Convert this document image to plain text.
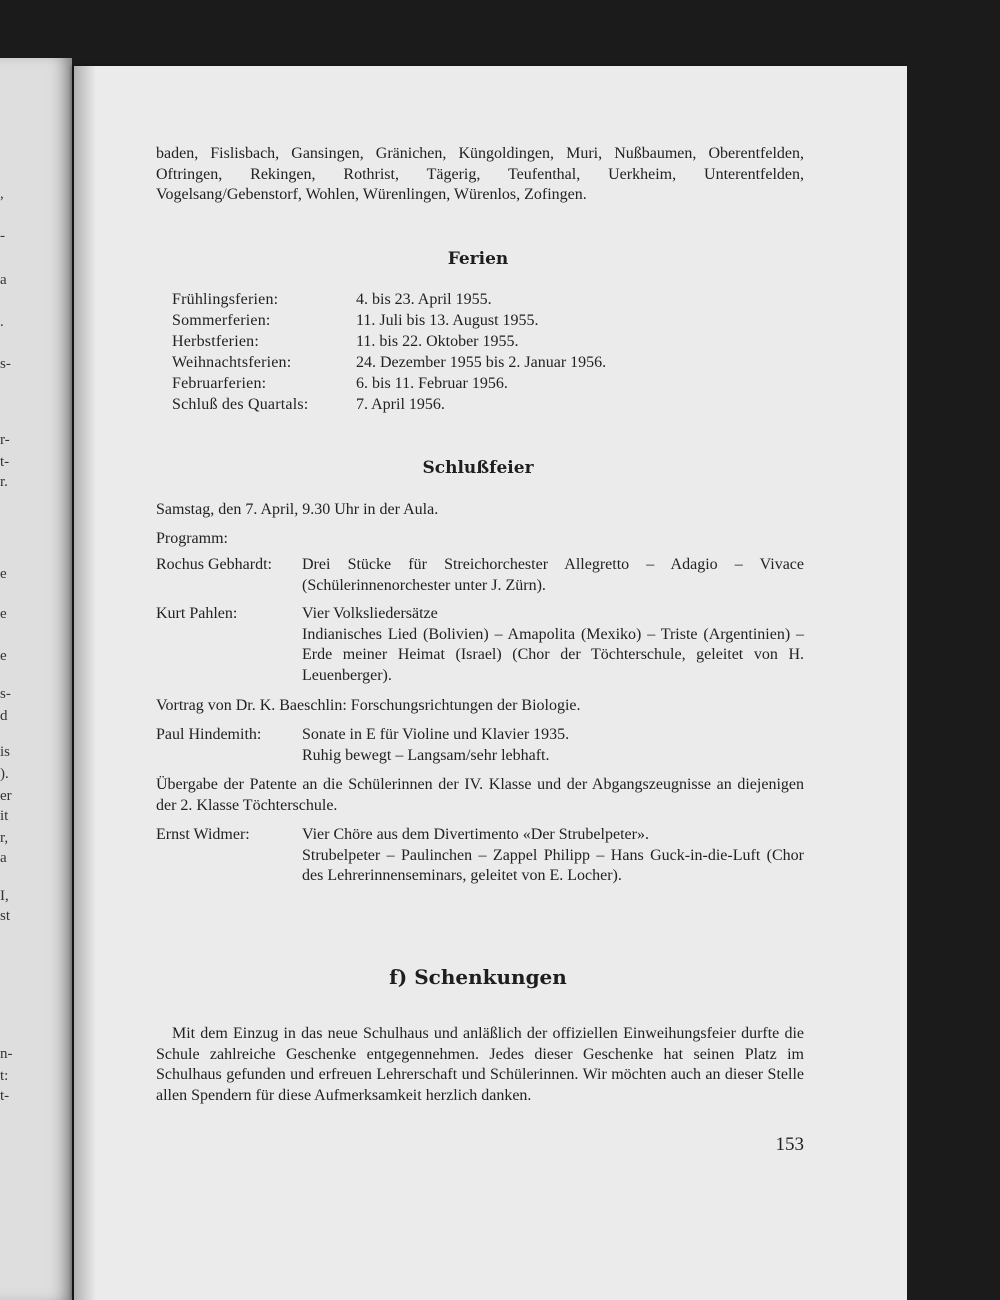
,
-
a
.
s-
r-
t-
r.
e
e
e
s-
d
is
).
er
it
r,
a
I,
st
n-
t:
t-
baden, Fislisbach, Gansingen, Gränichen, Küngoldingen, Muri, Nußbaumen, Oberentfelden, Oftringen, Rekingen, Rothrist, Tägerig, Teufenthal, Uerkheim, Unterentfelden, Vogelsang/Gebenstorf, Wohlen, Würenlingen, Würenlos, Zofingen.
Ferien
Frühlingsferien:	4. bis 23. April 1955.
Sommerferien:	11. Juli bis 13. August 1955.
Herbstferien:	11. bis 22. Oktober 1955.
Weihnachtsferien:	24. Dezember 1955 bis 2. Januar 1956.
Februarferien:	6. bis 11. Februar 1956.
Schluß des Quartals:	7. April 1956.
Schlußfeier
Samstag, den 7. April, 9.30 Uhr in der Aula.
Programm:
Rochus Gebhardt:	Drei Stücke für Streichorchester Allegretto – Adagio – Vivace (Schülerinnenorchester unter J. Zürn).
Kurt Pahlen:	Vier Volksliedersätze
Indianisches Lied (Bolivien) – Amapolita (Mexiko) – Triste (Argentinien) – Erde meiner Heimat (Israel) (Chor der Töchterschule, geleitet von H. Leuenberger).
Vortrag von Dr. K. Baeschlin: Forschungsrichtungen der Biologie.
Paul Hindemith:	Sonate in E für Violine und Klavier 1935.
Ruhig bewegt – Langsam/sehr lebhaft.
Übergabe der Patente an die Schülerinnen der IV. Klasse und der Abgangszeugnisse an diejenigen der 2. Klasse Töchterschule.
Ernst Widmer:	Vier Chöre aus dem Divertimento «Der Strubelpeter».
Strubelpeter – Paulinchen – Zappel Philipp – Hans Guck-in-die-Luft (Chor des Lehrerinnenseminars, geleitet von E. Locher).
f) Schenkungen
Mit dem Einzug in das neue Schulhaus und anläßlich der offiziellen Einweihungsfeier durfte die Schule zahlreiche Geschenke entgegennehmen. Jedes dieser Geschenke hat seinen Platz im Schulhaus gefunden und erfreuen Lehrerschaft und Schülerinnen. Wir möchten auch an dieser Stelle allen Spendern für diese Aufmerksamkeit herzlich danken.
153
